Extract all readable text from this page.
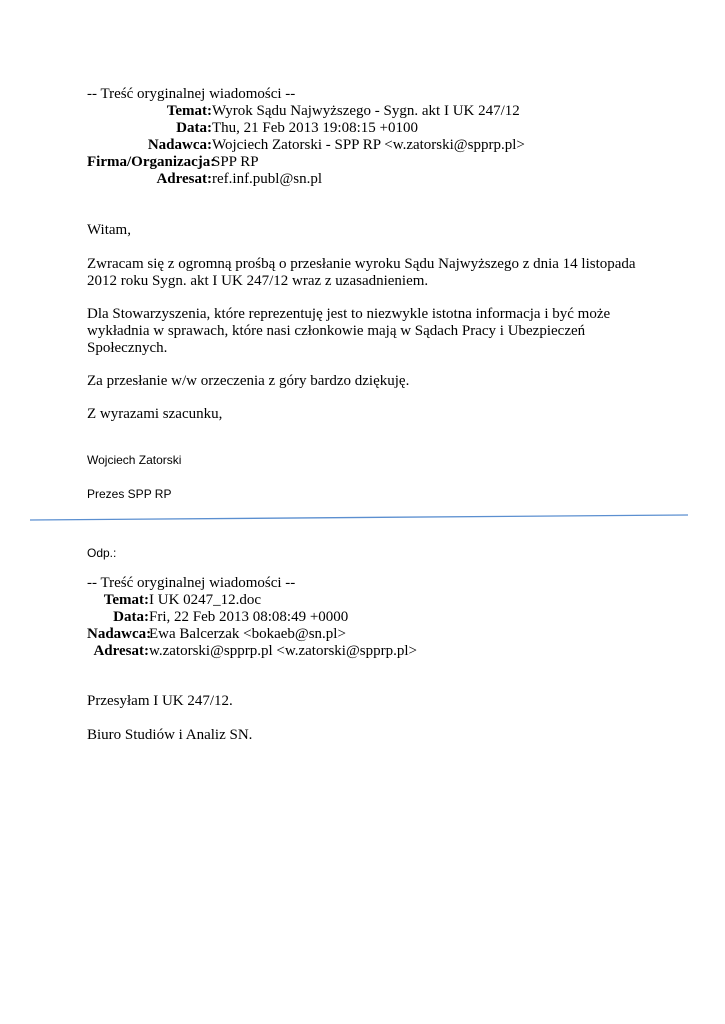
-- Treść oryginalnej wiadomości --
Temat:Wyrok Sądu Najwyższego - Sygn. akt I UK 247/12
Data:Thu, 21 Feb 2013 19:08:15 +0100
Nadawca:Wojciech Zatorski - SPP RP <w.zatorski@spprp.pl>
Firma/Organizacja:SPP RP
Adresat:ref.inf.publ@sn.pl
Witam,
Zwracam się z ogromną prośbą o przesłanie wyroku Sądu Najwyższego z dnia 14 listopada
2012 roku Sygn. akt I UK 247/12 wraz z uzasadnieniem.
Dla Stowarzyszenia, które reprezentuję jest to niezwykle istotna informacja i być może
wykładnia w sprawach, które nasi członkowie mają w Sądach Pracy i Ubezpieczeń
Społecznych.
Za przesłanie w/w orzeczenia z góry bardzo dziękuję.
Z wyrazami szacunku,
Wojciech Zatorski
Prezes SPP RP
Odp.:
-- Treść oryginalnej wiadomości --
Temat:I UK 0247_12.doc
Data:Fri, 22 Feb 2013 08:08:49 +0000
Nadawca:Ewa Balcerzak <bokaeb@sn.pl>
Adresat:w.zatorski@spprp.pl <w.zatorski@spprp.pl>
Przesyłam I UK 247/12.
Biuro Studiów i Analiz SN.
